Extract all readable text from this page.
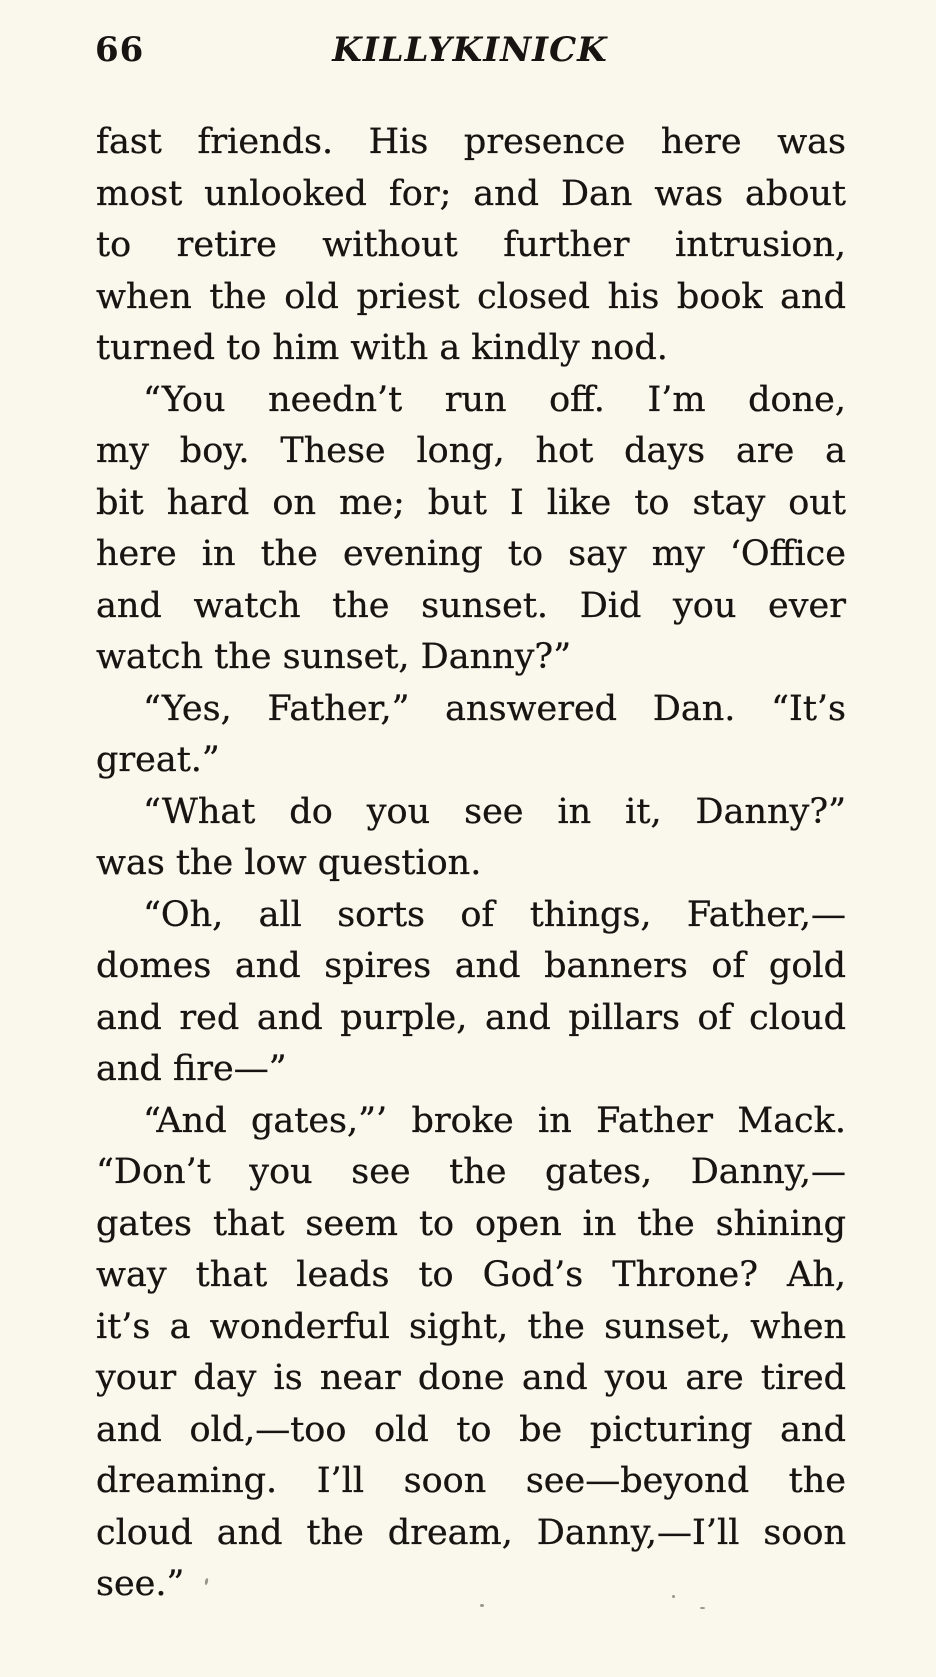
66	KILLYKINICK
fast friends. His presence here was
most unlooked for; and Dan was about
to retire without further intrusion,
when the old priest closed his book and
turned to him with a kindly nod.
“You needn’t run off. I’m done,
my boy. These long, hot days are a
bit hard on me; but I like to stay out
here in the evening to say my ‘Office
and watch the sunset. Did you ever
watch the sunset, Danny?”
“Yes, Father,” answered Dan. “It’s
great.”
“What do you see in it, Danny?”
was the low question.
“Oh, all sorts of things, Father,—
domes and spires and banners of gold
and red and purple, and pillars of cloud
and fire—”
“And gates,”’ broke in Father Mack.
“Don’t you see the gates, Danny,—
gates that seem to open in the shining
way that leads to God’s Throne? Ah,
it’s a wonderful sight, the sunset, when
your day is near done and you are tired
and old,—too old to be picturing and
dreaming. I’ll soon see—beyond the
cloud and the dream, Danny,—I’ll soon
see.”
